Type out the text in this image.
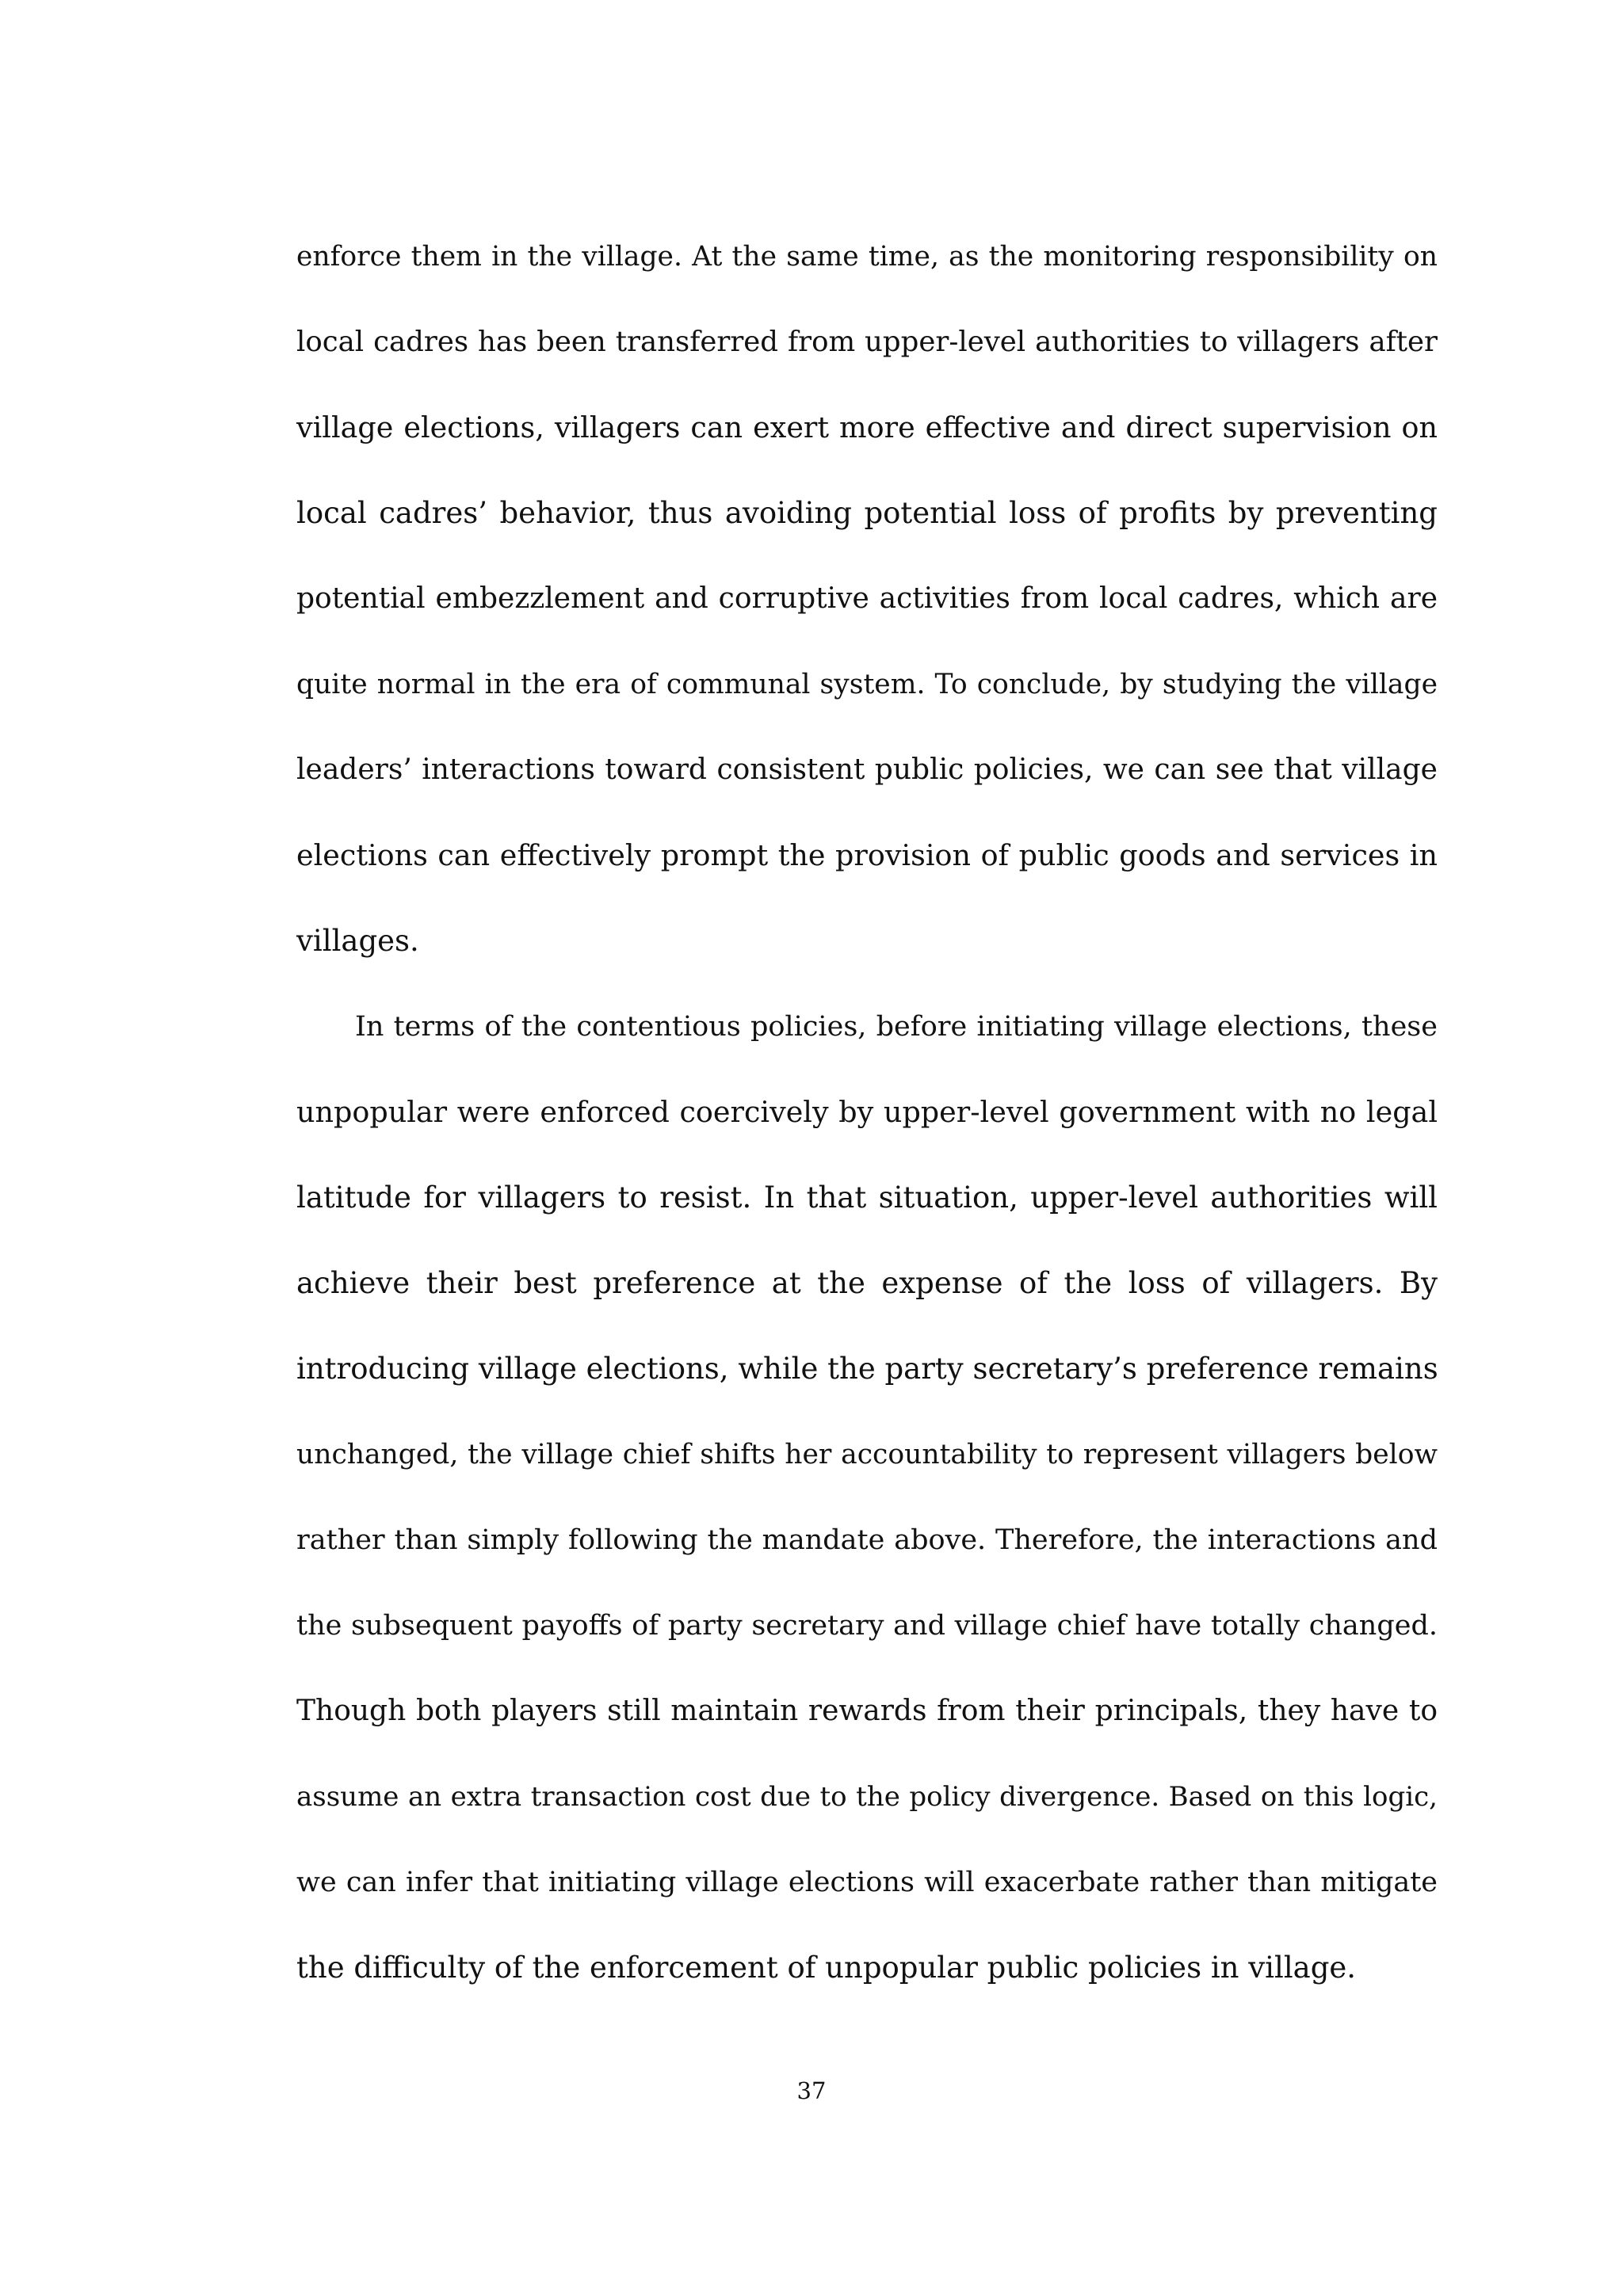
enforce them in the village. At the same time, as the monitoring responsibility on
local cadres has been transferred from upper-level authorities to villagers after
village elections, villagers can exert more effective and direct supervision on
local cadres’ behavior, thus avoiding potential loss of profits by preventing
potential embezzlement and corruptive activities from local cadres, which are
quite normal in the era of communal system. To conclude, by studying the village
leaders’ interactions toward consistent public policies, we can see that village
elections can effectively prompt the provision of public goods and services in
villages.
In terms of the contentious policies, before initiating village elections, these
unpopular were enforced coercively by upper-level government with no legal
latitude for villagers to resist. In that situation, upper-level authorities will
achieve their best preference at the expense of the loss of villagers. By
introducing village elections, while the party secretary’s preference remains
unchanged, the village chief shifts her accountability to represent villagers below
rather than simply following the mandate above. Therefore, the interactions and
the subsequent payoffs of party secretary and village chief have totally changed.
Though both players still maintain rewards from their principals, they have to
assume an extra transaction cost due to the policy divergence. Based on this logic,
we can infer that initiating village elections will exacerbate rather than mitigate
the difficulty of the enforcement of unpopular public policies in village.
37
